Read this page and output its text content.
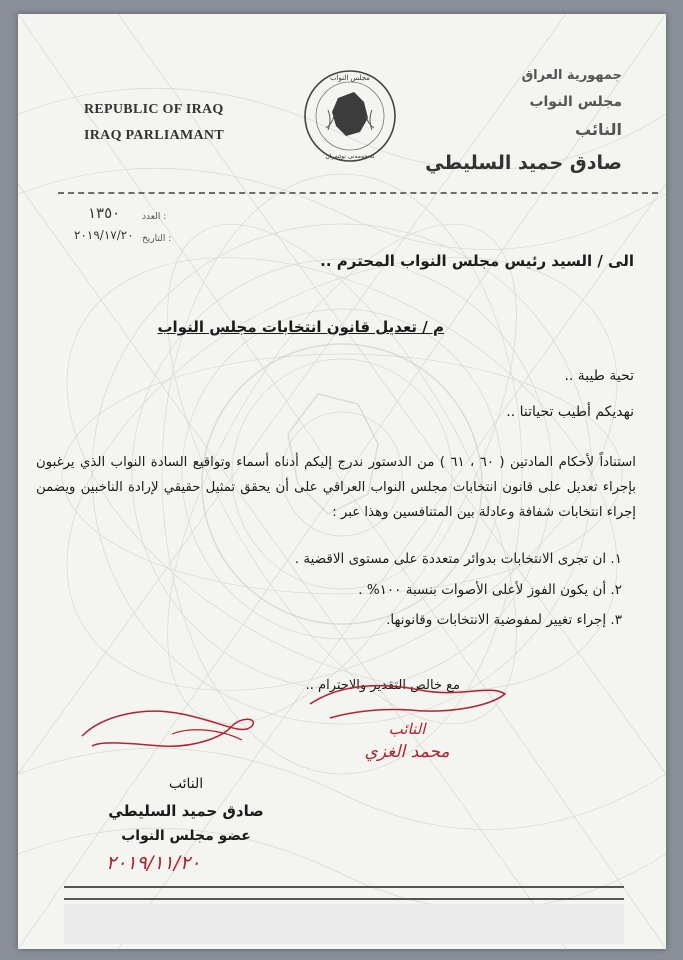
REPUBLIC OF IRAQ
IRAQ PARLIAMANT
مجلس النواب
ئەنجومەنی نوێنەران
جمهورية العراق
مجلس النواب
النائب
صادق حميد السليطي
العدد :
١٣٥٠
التاريخ :
٢٠١٩/١٧/٢٠
الى / السيد رئيس مجلس النواب المحترم ..
م / تعديل قانون انتخابات مجلس النواب
تحية طيبة ..
نهديكم أطيب تحياتنا ..
استناداً لأحكام المادتين ( ٦٠ ، ٦١ ) من الدستور ندرج إليكم أدناه أسماء وتواقيع السادة النواب الذي يرغبون بإجراء تعديل على قانون انتخابات مجلس النواب العراقي على أن يحقق تمثيل حقيقي لإرادة الناخبين ويضمن إجراء انتخابات شفافة وعادلة بين المتنافسين وهذا عبر :
١. ان تجرى الانتخابات بدوائر متعددة على مستوى الاقضية .
٢. أن يكون الفوز لأعلى الأصوات بنسبة ١٠٠% .
٣. إجراء تغيير لمفوضية الانتخابات وقانونها.
مع خالص التقدير والاحترام ..
النائب
محمد الغزي
النائب
صادق حميد السليطي
عضو مجلس النواب
٢٠١٩/١١/٢٠
